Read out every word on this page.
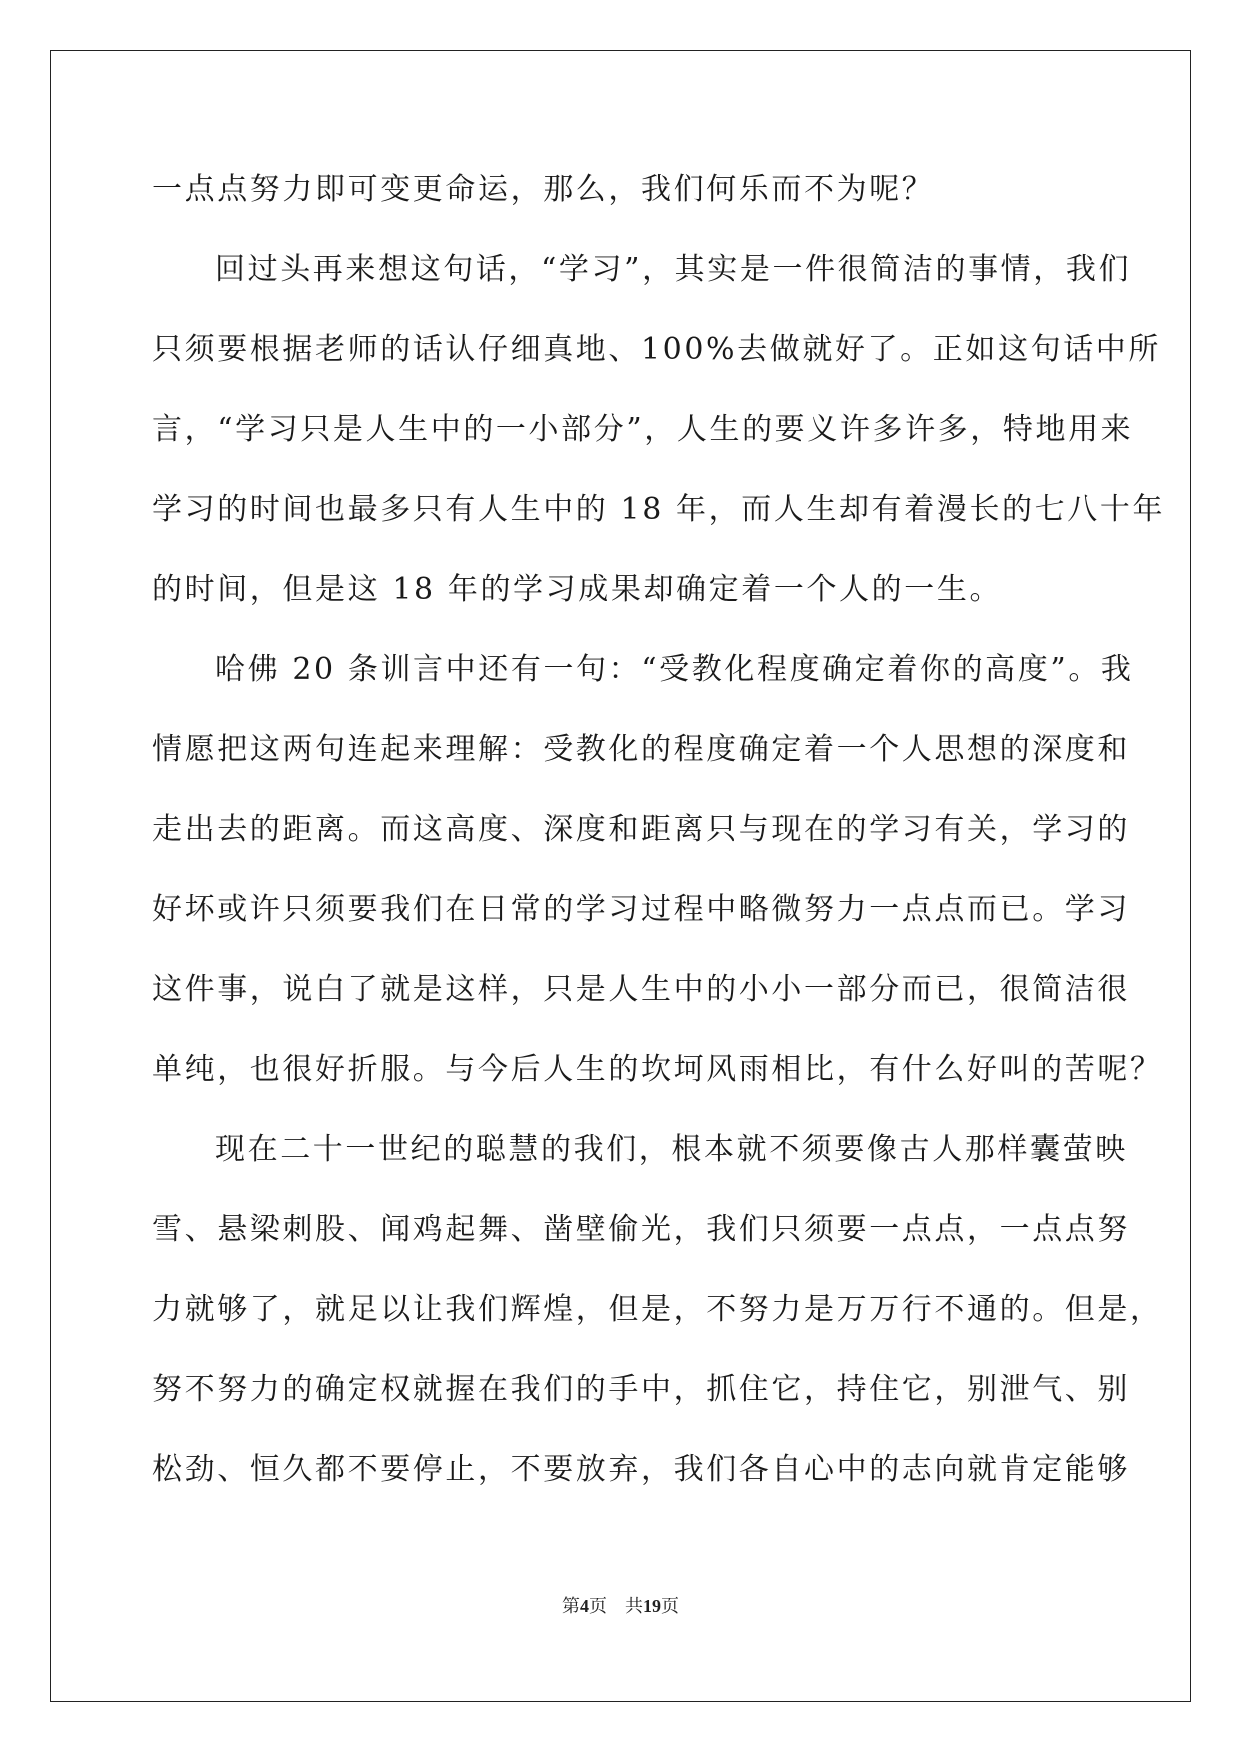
一点点努力即可变更命运，那么，我们何乐而不为呢？
回过头再来想这句话，“学习”，其实是一件很简洁的事情，我们
只须要根据老师的话认仔细真地、100%去做就好了。正如这句话中所
言，“学习只是人生中的一小部分”，人生的要义许多许多，特地用来
学习的时间也最多只有人生中的 18 年，而人生却有着漫长的七八十年
的时间，但是这 18 年的学习成果却确定着一个人的一生。
哈佛 20 条训言中还有一句：“受教化程度确定着你的高度”。我
情愿把这两句连起来理解：受教化的程度确定着一个人思想的深度和
走出去的距离。而这高度、深度和距离只与现在的学习有关，学习的
好坏或许只须要我们在日常的学习过程中略微努力一点点而已。学习
这件事，说白了就是这样，只是人生中的小小一部分而已，很简洁很
单纯，也很好折服。与今后人生的坎坷风雨相比，有什么好叫的苦呢？
现在二十一世纪的聪慧的我们，根本就不须要像古人那样囊萤映
雪、悬梁刺股、闻鸡起舞、凿壁偷光，我们只须要一点点，一点点努
力就够了，就足以让我们辉煌，但是，不努力是万万行不通的。但是，
努不努力的确定权就握在我们的手中，抓住它，持住它，别泄气、别
松劲、恒久都不要停止，不要放弃，我们各自心中的志向就肯定能够
第4页　共19页
